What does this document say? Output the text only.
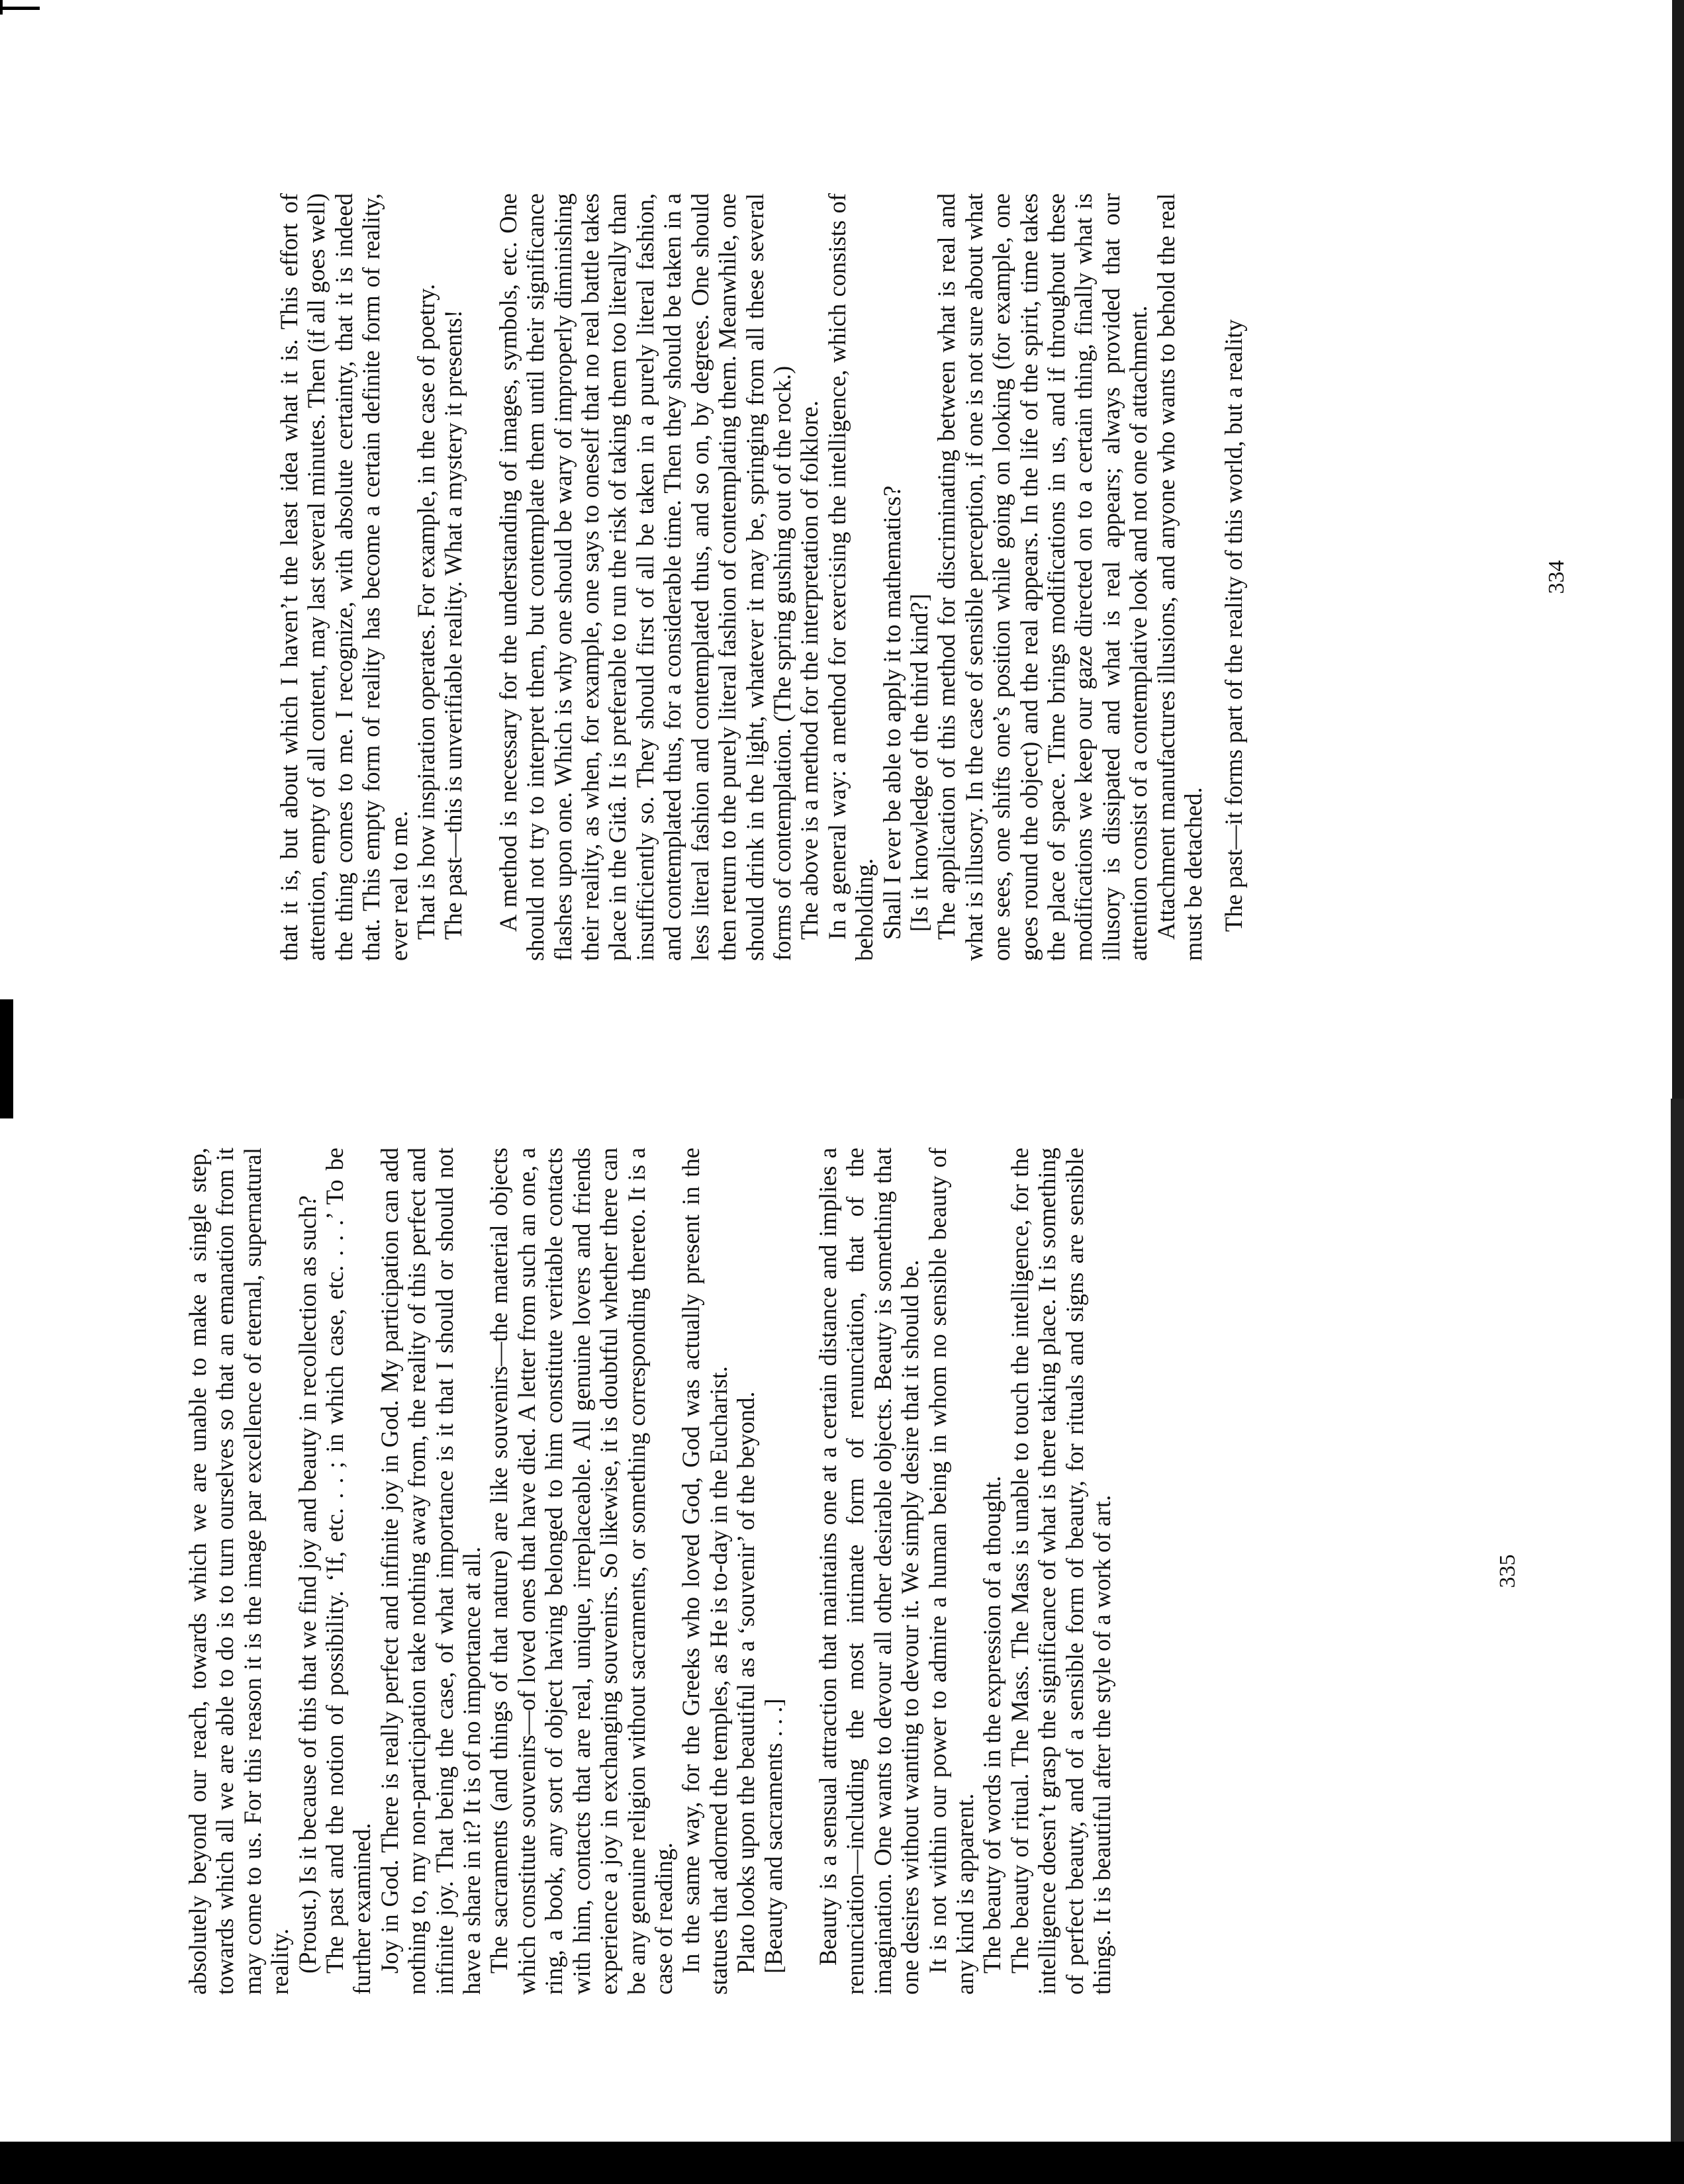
that it is, but about which I haven’t the least idea what it is. This effort of attention, empty of all content, may last several minutes. Then (if all goes well) the thing comes to me. I recognize, with absolute certainty, that it is indeed that. This empty form of reality has become a certain definite form of reality, ever real to me. That is how inspiration operates. For example, in the case of poetry. The past—this is unverifiable reality. What a mystery it presents! A method is necessary for the understanding of images, symbols, etc. One should not try to interpret them, but contemplate them until their significance flashes upon one. Which is why one should be wary of improperly diminishing their reality, as when, for example, one says to oneself that no real battle takes place in the Gitâ. It is preferable to run the risk of taking them too literally than insufficiently so. They should first of all be taken in a purely literal fashion, and contemplated thus, for a considerable time. Then they should be taken in a less literal fashion and contemplated thus, and so on, by degrees. One should then return to the purely literal fashion of contemplating them. Meanwhile, one should drink in the light, whatever it may be, springing from all these several forms of contemplation. (The spring gushing out of the rock.) The above is a method for the interpretation of folklore. In a general way: a method for exercising the intelligence, which consists of beholding. Shall I ever be able to apply it to mathematics? [Is it knowledge of the third kind?] The application of this method for discriminating between what is real and what is illusory. In the case of sensible perception, if one is not sure about what one sees, one shifts one’s position while going on looking (for example, one goes round the object) and the real appears. In the life of the spirit, time takes the place of space. Time brings modifications in us, and if throughout these modifications we keep our gaze directed on to a certain thing, finally what is illusory is dissipated and what is real appears; always provided that our attention consist of a contemplative look and not one of attachment. Attachment manufactures illusions, and anyone who wants to behold the real must be detached. The past—it forms part of the reality of this world, but a reality	334

absolutely beyond our reach, towards which we are unable to make a single step, towards which all we are able to do is to turn ourselves so that an emanation from it may come to us. For this reason it is the image par excellence of eternal, supernatural reality. (Proust.) Is it because of this that we find joy and beauty in recollection as such? The past and the notion of possibility. ‘If, etc. . . ; in which case, etc. . . .’ To be further examined. Joy in God. There is really perfect and infinite joy in God. My participation can add nothing to, my non-participation take nothing away from, the reality of this perfect and infinite joy. That being the case, of what importance is it that I should or should not have a share in it? It is of no importance at all. The sacraments (and things of that nature) are like souvenirs—the material objects which constitute souvenirs—of loved ones that have died. A letter from such an one, a ring, a book, any sort of object having belonged to him constitute veritable contacts with him, contacts that are real, unique, irreplaceable. All genuine lovers and friends experience a joy in exchanging souvenirs. So likewise, it is doubtful whether there can be any genuine religion without sacraments, or something corresponding thereto. It is a case of reading. In the same way, for the Greeks who loved God, God was actually present in the statues that adorned the temples, as He is to-day in the Eucharist. Plato looks upon the beautiful as a ‘souvenir’ of the beyond. [Beauty and sacraments . . .] Beauty is a sensual attraction that maintains one at a certain distance and implies a renunciation—including the most intimate form of renunciation, that of the imagination. One wants to devour all other desirable objects. Beauty is something that one desires without wanting to devour it. We simply desire that it should be. It is not within our power to admire a human being in whom no sensible beauty of any kind is apparent. The beauty of words in the expression of a thought. The beauty of ritual. The Mass. The Mass is unable to touch the intelligence, for the intelligence doesn’t grasp the significance of what is there taking place. It is something of perfect beauty, and of a sensible form of beauty, for rituals and signs are sensible things. It is beautiful after the style of a work of art.	335
